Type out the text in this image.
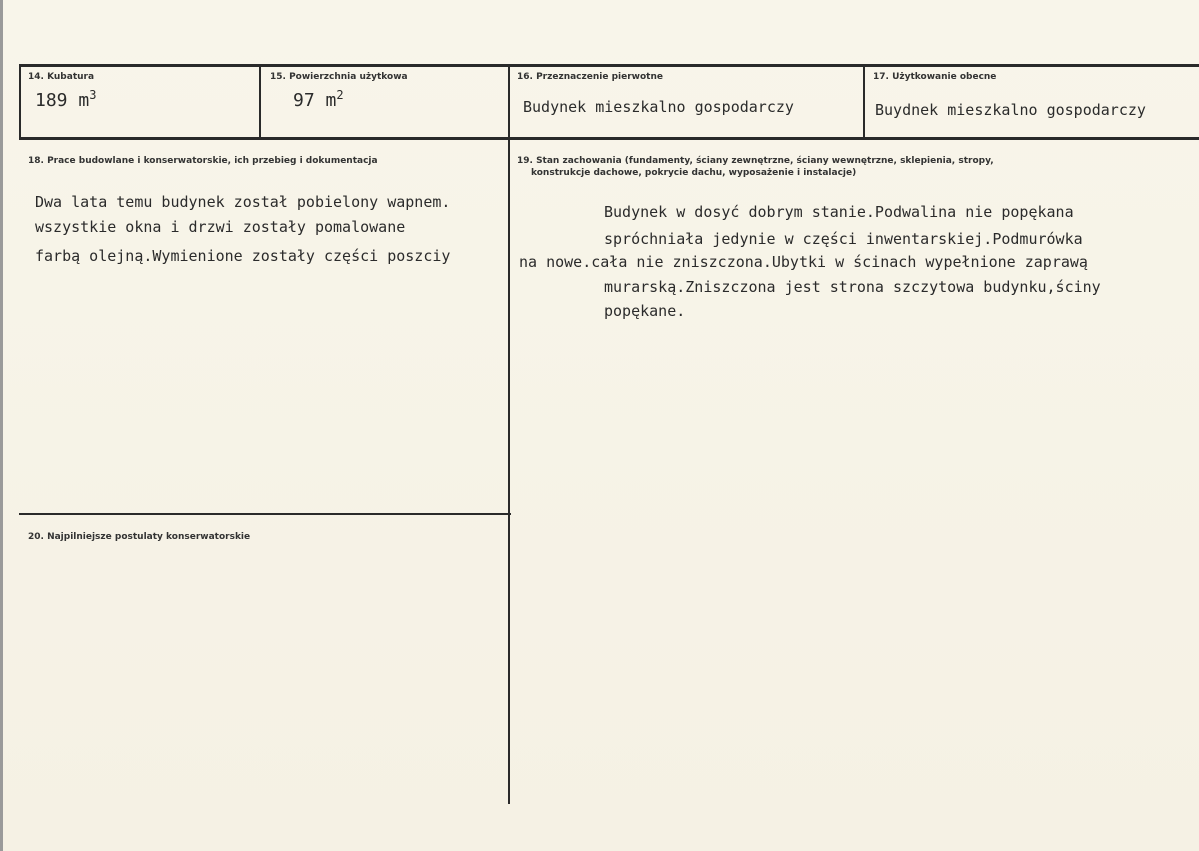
14. Kubatura
189 $m^3$
15. Powierzchnia użytkowa
97 $m^2$
16. Przeznaczenie pierwotne
Budynek mieszkalno gospodarczy
17. Użytkowanie obecne
Buydnek mieszkalno gospodarczy
18. Prace budowlane i konserwatorskie, ich przebieg i dokumentacja
Dwa lata temu budynek został pobielony wapnem.
wszystkie okna i drzwi zostały pomalowane
farbą olejną.Wymienione zostały części poszciy
19. Stan zachowania (fundamenty, ściany zewnętrzne, ściany wewnętrzne, sklepienia, stropy,
konstrukcje dachowe, pokrycie dachu, wyposażenie i instalacje)
Budynek w dosyć dobrym stanie.Podwalina nie popękana
spróchniała jedynie w części inwentarskiej.Podmurówka
na nowe.cała nie zniszczona.Ubytki w ścinach wypełnione zaprawą
murarską.Zniszczona jest strona szczytowa budynku,ściny
popękane.
20. Najpilniejsze postulaty konserwatorskie
